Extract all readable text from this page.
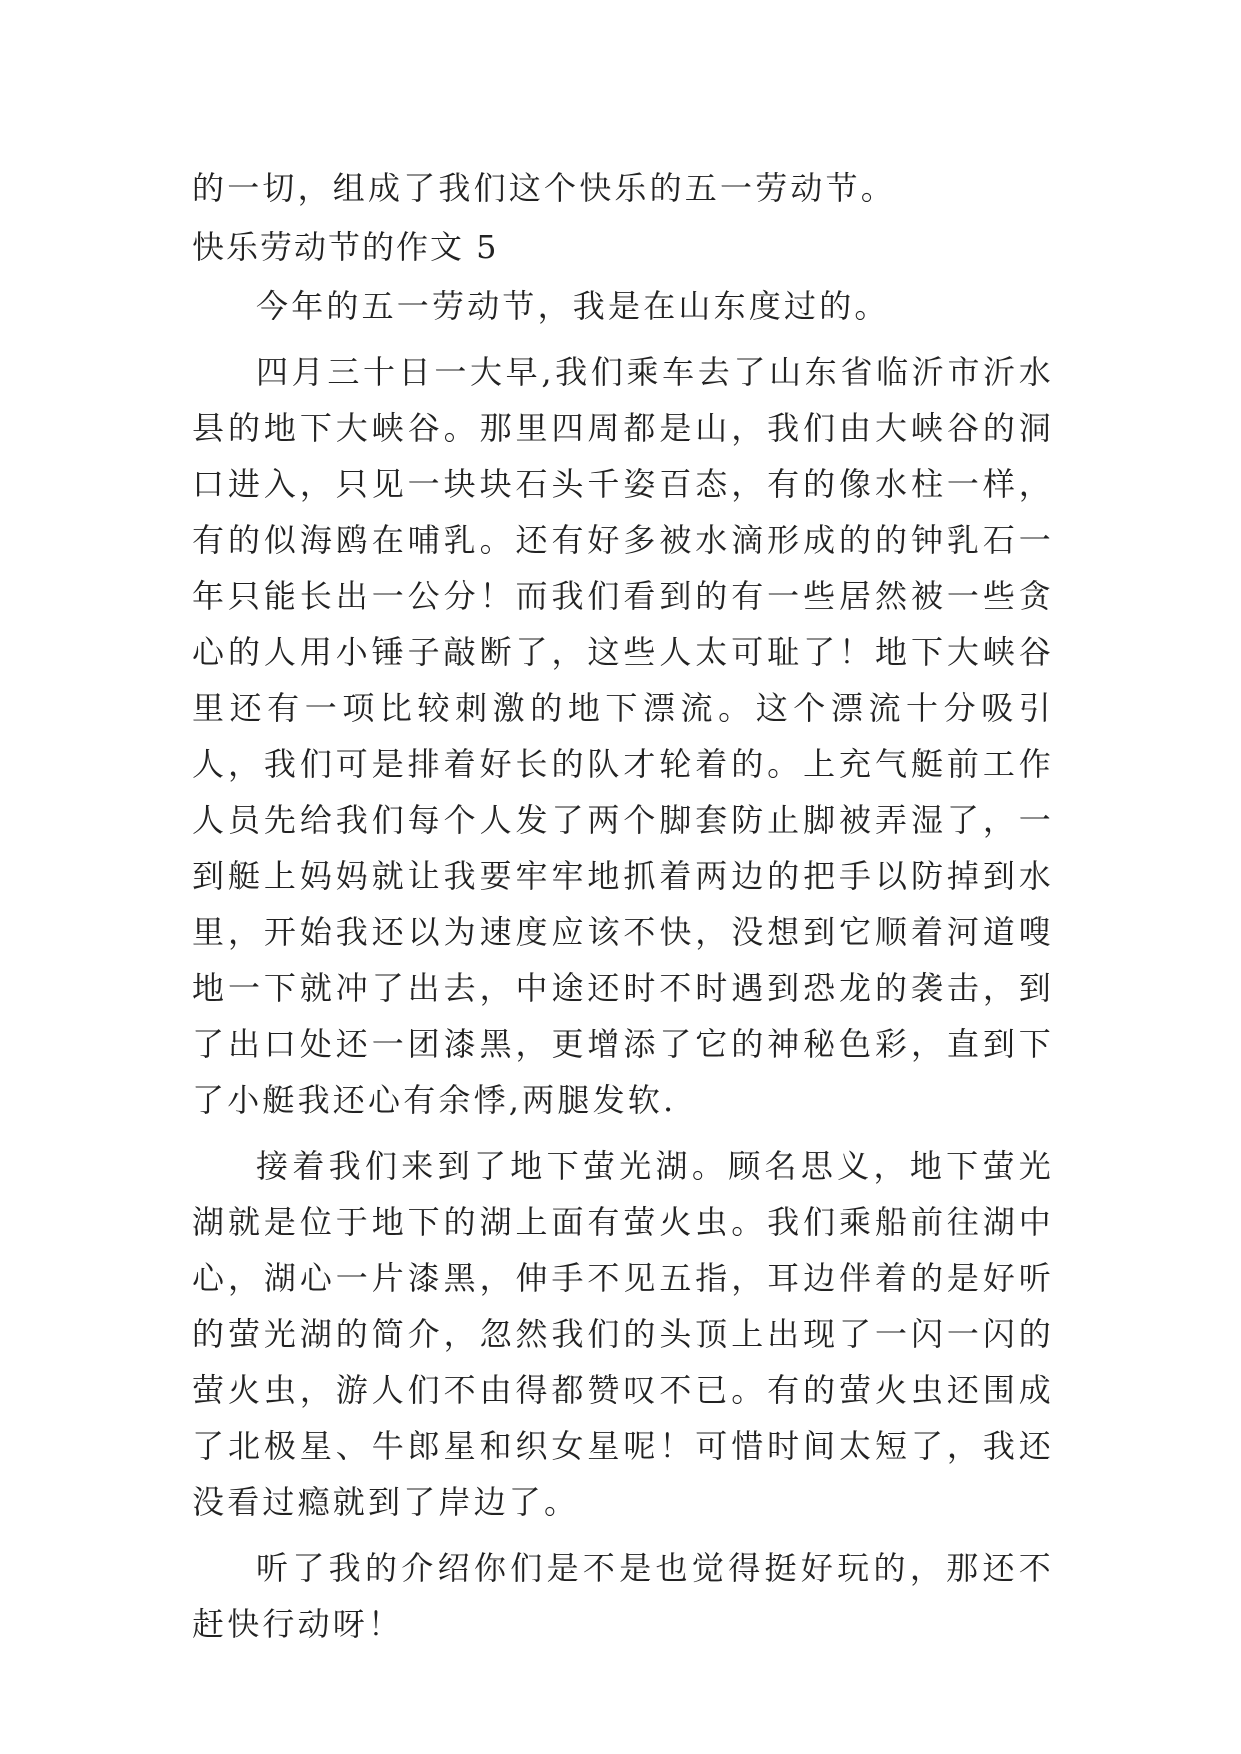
的一切，组成了我们这个快乐的五一劳动节。

快乐劳动节的作文 5

今年的五一劳动节，我是在山东度过的。

四月三十日一大早,我们乘车去了山东省临沂市沂水县的地下大峡谷。那里四周都是山，我们由大峡谷的洞口进入，只见一块块石头千姿百态，有的像水柱一样，有的似海鸥在哺乳。还有好多被水滴形成的的钟乳石一年只能长出一公分！而我们看到的有一些居然被一些贪心的人用小锤子敲断了，这些人太可耻了！地下大峡谷里还有一项比较刺激的地下漂流。这个漂流十分吸引人，我们可是排着好长的队才轮着的。上充气艇前工作人员先给我们每个人发了两个脚套防止脚被弄湿了，一到艇上妈妈就让我要牢牢地抓着两边的把手以防掉到水里，开始我还以为速度应该不快，没想到它顺着河道嗖地一下就冲了出去，中途还时不时遇到恐龙的袭击，到了出口处还一团漆黑，更增添了它的神秘色彩，直到下了小艇我还心有余悸,两腿发软.

接着我们来到了地下萤光湖。顾名思义，地下萤光湖就是位于地下的湖上面有萤火虫。我们乘船前往湖中心，湖心一片漆黑，伸手不见五指，耳边伴着的是好听的萤光湖的简介，忽然我们的头顶上出现了一闪一闪的萤火虫，游人们不由得都赞叹不已。有的萤火虫还围成了北极星、牛郎星和织女星呢！可惜时间太短了，我还没看过瘾就到了岸边了。

听了我的介绍你们是不是也觉得挺好玩的，那还不赶快行动呀！
